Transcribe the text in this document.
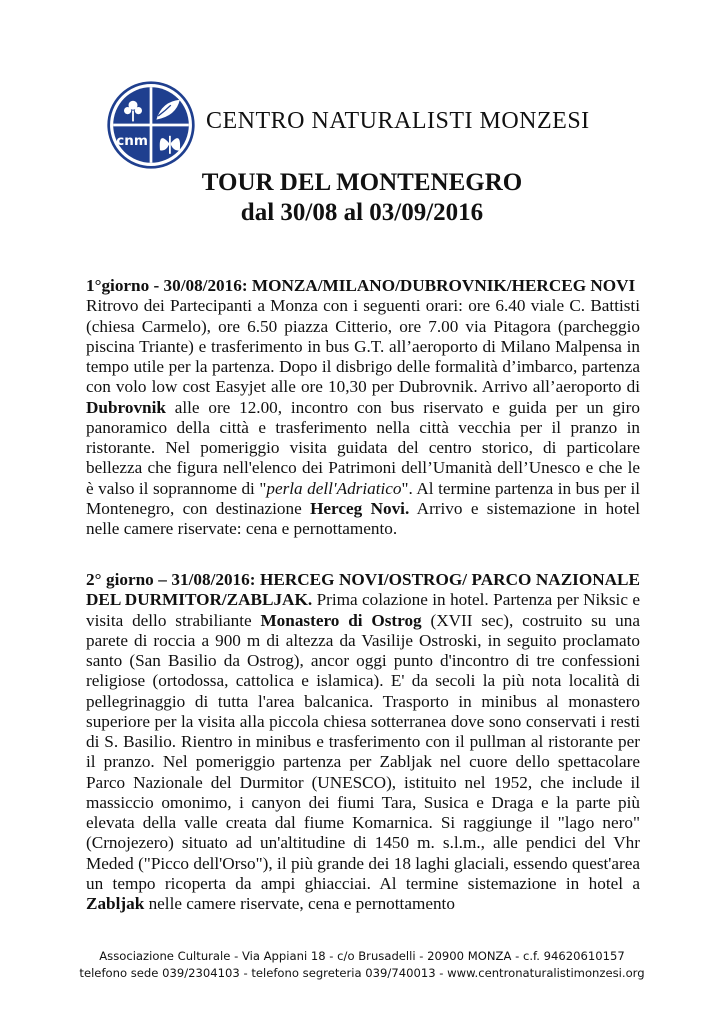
cnm
CENTRO NATURALISTI MONZESI
TOUR DEL MONTENEGRO
dal 30/08 al 03/09/2016
1°giorno - 30/08/2016: MONZA/MILANO/DUBROVNIK/HERCEG NOVI
Ritrovo dei Partecipanti a Monza con i seguenti orari: ore 6.40 viale C. Battisti (chiesa Carmelo), ore 6.50 piazza Citterio, ore 7.00 via Pitagora (parcheggio piscina Triante) e trasferimento in bus G.T. all’aeroporto di Milano Malpensa in tempo utile per la partenza. Dopo il disbrigo delle formalità d’imbarco, partenza con volo low cost Easyjet alle ore 10,30 per Dubrovnik. Arrivo all’aeroporto di Dubrovnik alle ore 12.00, incontro con bus riservato e guida per un giro panoramico della città e trasferimento nella città vecchia per il pranzo in ristorante. Nel pomeriggio visita guidata del centro storico, di particolare bellezza che figura nell'elenco dei Patrimoni dell’Umanità dell’Unesco e che le è valso il soprannome di "perla dell'Adriatico". Al termine partenza in bus per il Montenegro, con destinazione Herceg Novi. Arrivo e sistemazione in hotel nelle camere riservate: cena e pernottamento.
2° giorno – 31/08/2016: HERCEG NOVI/OSTROG/ PARCO NAZIONALE DEL DURMITOR/ZABLJAK. Prima colazione in hotel. Partenza per Niksic e visita dello strabiliante Monastero di Ostrog (XVII sec), costruito su una parete di roccia a 900 m di altezza da Vasilije Ostroski, in seguito proclamato santo (San Basilio da Ostrog), ancor oggi punto d'incontro di tre confessioni religiose (ortodossa, cattolica e islamica). E' da secoli la più nota località di pellegrinaggio di tutta l'area balcanica. Trasporto in minibus al monastero superiore per la visita alla piccola chiesa sotterranea dove sono conservati i resti di S. Basilio. Rientro in minibus e trasferimento con il pullman al ristorante per il pranzo. Nel pomeriggio partenza per Zabljak nel cuore dello spettacolare Parco Nazionale del Durmitor (UNESCO), istituito nel 1952, che include il massiccio omonimo, i canyon dei fiumi Tara, Susica e Draga e la parte più elevata della valle creata dal fiume Komarnica. Si raggiunge il "lago nero" (Crnojezero) situato ad un'altitudine di 1450 m. s.l.m., alle pendici del Vhr Meded ("Picco dell'Orso"), il più grande dei 18 laghi glaciali, essendo quest'area un tempo ricoperta da ampi ghiacciai. Al termine sistemazione in hotel a Zabljak nelle camere riservate, cena e pernottamento
Associazione Culturale - Via Appiani 18 - c/o Brusadelli - 20900 MONZA - c.f. 94620610157
telefono sede 039/2304103 - telefono segreteria 039/740013 - www.centronaturalistimonzesi.org
